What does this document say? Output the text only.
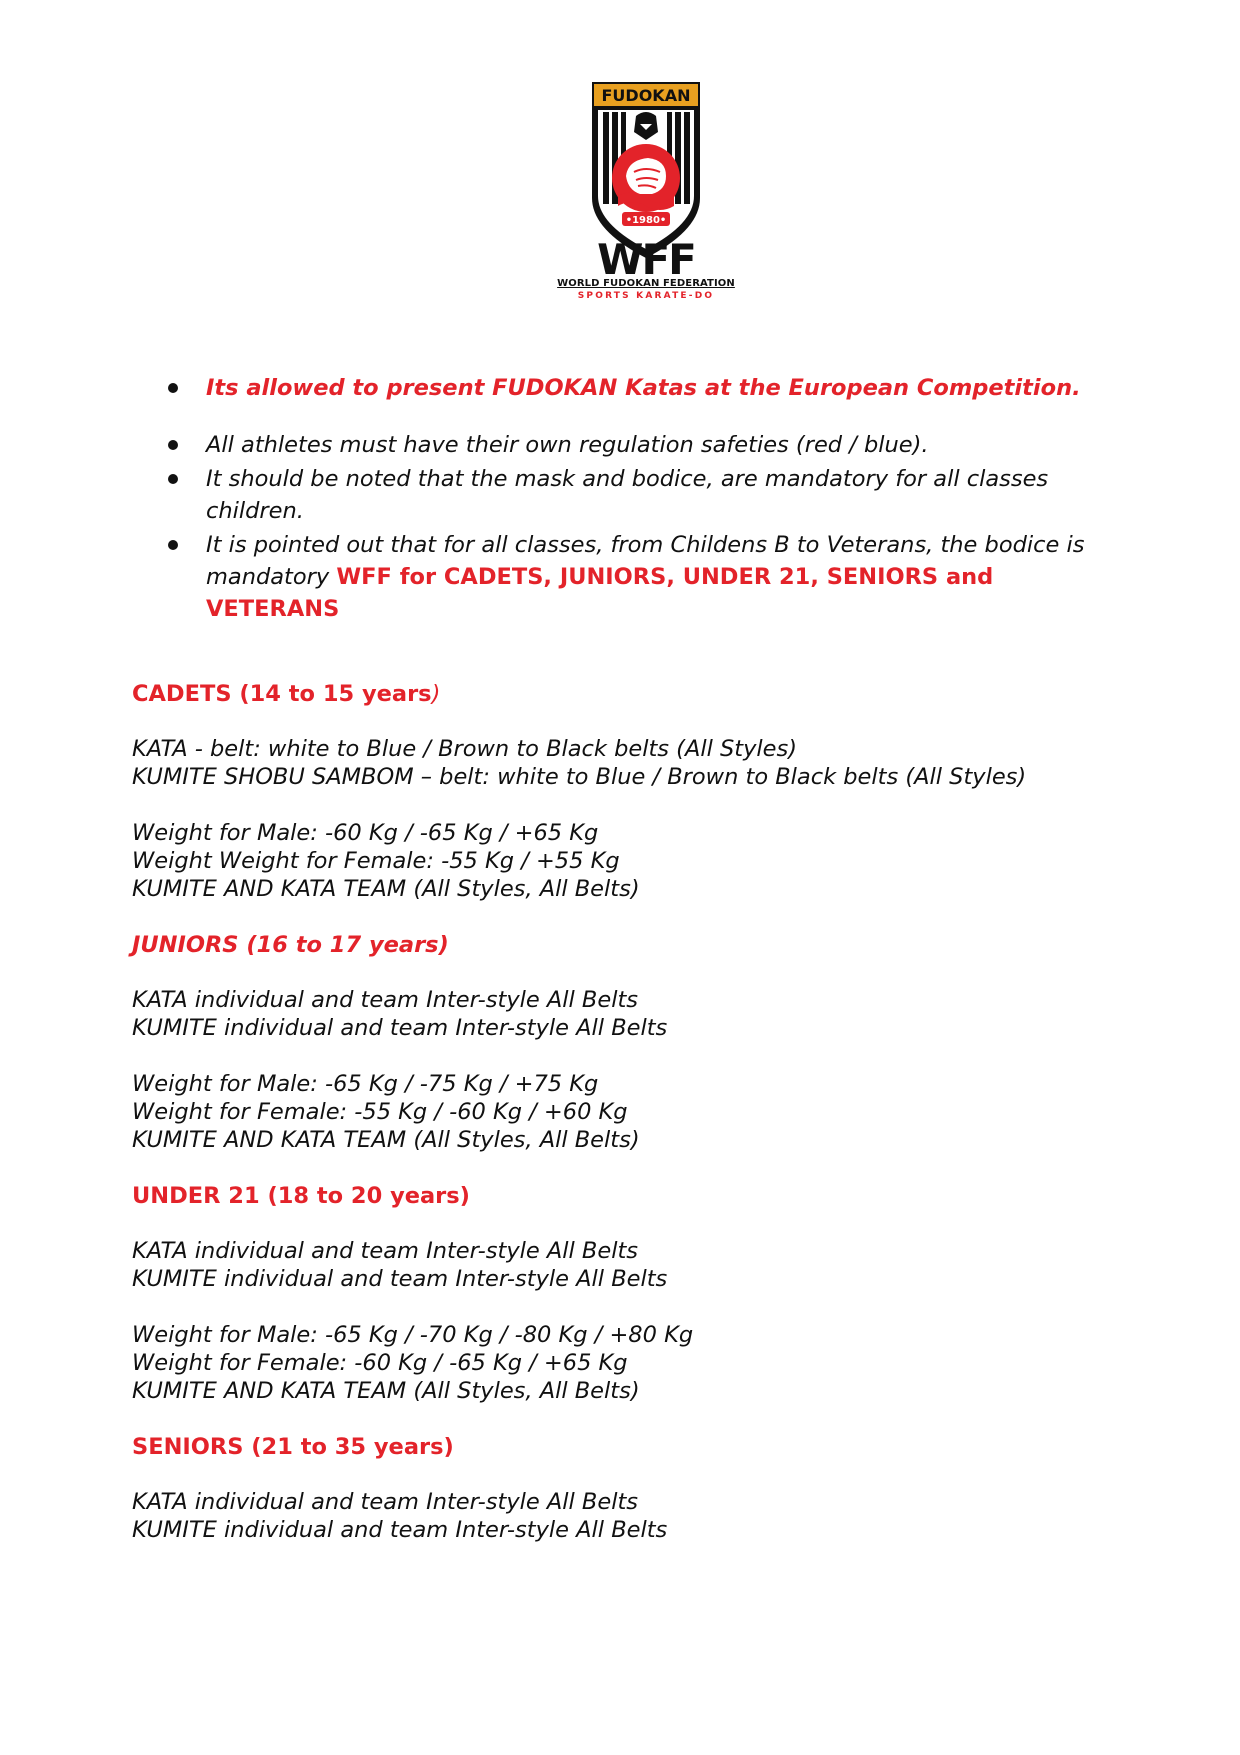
FUDOKAN
•1980•
WFF
WORLD FUDOKAN FEDERATION
SPORTS KARATE-DO
Its allowed to present FUDOKAN Katas at the European Competition.
All athletes must have their own regulation safeties (red / blue).
It should be noted that the mask and bodice, are mandatory for all classes
children.
It is pointed out that for all classes, from Childens B to Veterans, the bodice is
mandatory WFF for CADETS, JUNIORS, UNDER 21, SENIORS and
VETERANS
CADETS (14 to 15 years)
KATA - belt: white to Blue / Brown to Black belts (All Styles)
KUMITE SHOBU SAMBOM – belt: white to Blue / Brown to Black belts (All Styles)
Weight for Male: -60 Kg / -65 Kg / +65 Kg
Weight Weight for Female: -55 Kg / +55 Kg
KUMITE AND KATA TEAM (All Styles, All Belts)
JUNIORS (16 to 17 years)
KATA individual and team Inter-style All Belts
KUMITE individual and team Inter-style All Belts
Weight for Male: -65 Kg / -75 Kg / +75 Kg
Weight for Female: -55 Kg / -60 Kg / +60 Kg
KUMITE AND KATA TEAM (All Styles, All Belts)
UNDER 21 (18 to 20 years)
KATA individual and team Inter-style All Belts
KUMITE individual and team Inter-style All Belts
Weight for Male: -65 Kg / -70 Kg / -80 Kg / +80 Kg
Weight for Female: -60 Kg / -65 Kg / +65 Kg
KUMITE AND KATA TEAM (All Styles, All Belts)
SENIORS (21 to 35 years)
KATA individual and team Inter-style All Belts
KUMITE individual and team Inter-style All Belts
